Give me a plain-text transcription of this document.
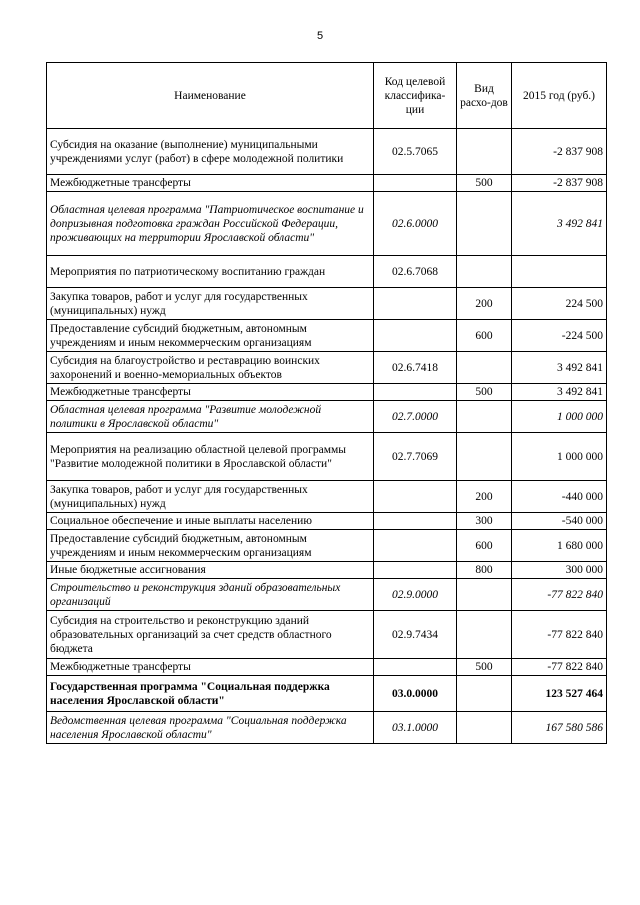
5
Наименование	Код целевой классифика-ции	Вид расхо-дов	2015 год (руб.)
Субсидия на оказание (выполнение) муниципальными учреждениями услуг (работ) в сфере молодежной политики	02.5.7065		-2 837 908
Межбюджетные трансферты		500	-2 837 908
Областная целевая программа "Патриотическое воспитание и допризывная подготовка граждан Российской Федерации, проживающих на территории Ярославской области"	02.6.0000		3 492 841
Мероприятия по патриотическому воспитанию граждан	02.6.7068		
Закупка товаров, работ и услуг для государственных (муниципальных) нужд		200	224 500
Предоставление субсидий бюджетным, автономным учреждениям и иным некоммерческим организациям		600	-224 500
Субсидия на благоустройство и реставрацию воинских захоронений и военно-мемориальных объектов	02.6.7418		3 492 841
Межбюджетные трансферты		500	3 492 841
Областная целевая программа "Развитие молодежной политики в Ярославской области"	02.7.0000		1 000 000
Мероприятия на реализацию областной целевой программы "Развитие молодежной политики в Ярославской области"	02.7.7069		1 000 000
Закупка товаров, работ и услуг для государственных (муниципальных) нужд		200	-440 000
Социальное обеспечение и иные выплаты населению		300	-540 000
Предоставление субсидий бюджетным, автономным учреждениям и иным некоммерческим организациям		600	1 680 000
Иные бюджетные ассигнования		800	300 000
Строительство и реконструкция зданий образовательных организаций	02.9.0000		-77 822 840
Субсидия на строительство и реконструкцию зданий образовательных организаций за счет средств областного бюджета	02.9.7434		-77 822 840
Межбюджетные трансферты		500	-77 822 840
Государственная программа "Социальная поддержка населения Ярославской области"	03.0.0000		123 527 464
Ведомственная целевая программа "Социальная поддержка населения Ярославской области"	03.1.0000		167 580 586
